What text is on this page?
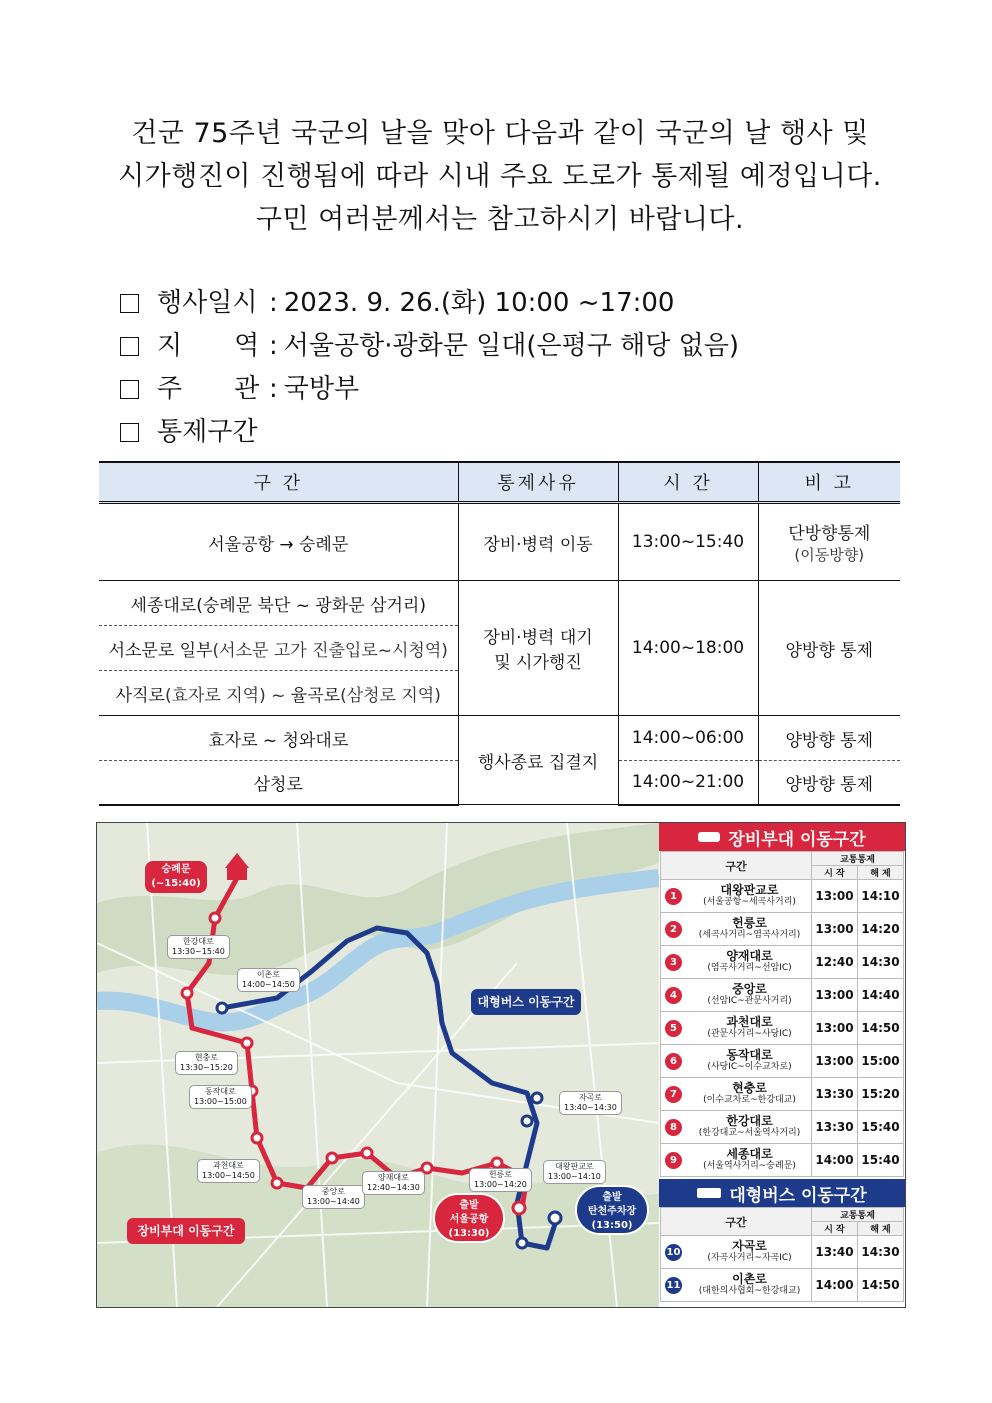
건군 75주년 국군의 날을 맞아 다음과 같이 국군의 날 행사 및
시가행진이 진행됨에 따라 시내 주요 도로가 통제될 예정입니다.
구민 여러분께서는 참고하시기 바랍니다.
행사일시 : 2023. 9. 26.(화) 10:00 ~17:00
지　　역 : 서울공항·광화문 일대(은평구 해당 없음)
주　　관 : 국방부
통제구간
구 간	통제사유	시 간	비 고
서울공항 → 숭례문	장비·병력 이동	13:00~15:40	단방향통제
(이동방향)

세종대로(숭례문 북단 ~ 광화문 삼거리)	장비·병력 대기
및 시가행진	14:00~18:00	양방향 통제
서소문로 일부(서소문 고가 진출입로~시청역)			
사직로(효자로 지역) ~ 율곡로(삼청로 지역)			
효자로 ~ 청와대로	행사종료 집결지	14:00~06:00	양방향 통제
삼청로		14:00~21:00	양방향 통제
숭례문
(~15:40)
한강대로
13:30~15:40
이촌로
14:00~14:50
현충로
13:30~15:20
동작대로
13:00~15:00
과천대로
13:00~14:50
중앙로
13:00~14:40
양재대로
12:40~14:30
헌릉로
13:00~14:20
대왕판교로
13:00~14:10
자곡로
13:40~14:30
출발
서울공항
(13:30)
출발
탄천주차장
(13:50)
대형버스 이동구간
장비부대 이동구간
장비부대 이동구간
구간	교통통제	
	시 작	해 제

1 대왕판교로
(서울공항~세곡사거리)	13:00	14:10

2 헌릉로
(세곡사거리~염곡사거리)	13:00	14:20

3 양재대로
(염곡사거리~선암IC)	12:40	14:30

4 중앙로
(선암IC~관문사거리)	13:00	14:40

5 과천대로
(관문사거리~사당IC)	13:00	14:50

6 동작대로
(사당IC~이수교차로)	13:00	15:00

7 현충로
(이수교차로~한강대교)	13:30	15:20

8 한강대로
(한강대교~서울역사거리)	13:30	15:40

9 세종대로
(서울역사거리~숭례문)	14:00	15:40
대형버스 이동구간
구간	교통통제	
	시 작	해 제

10 자곡로
(자곡사거리~자곡IC)	13:40	14:30

11 이촌로
(대한의사협회~한강대교)	14:00	14:50
